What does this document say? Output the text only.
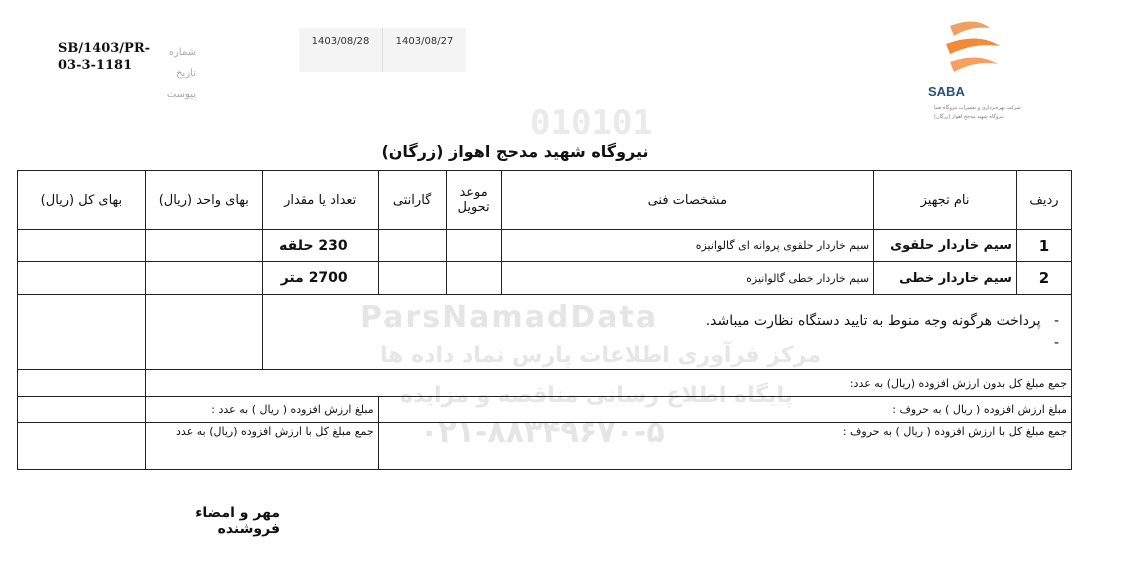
010101
ParsNamadData
مرکز فرآوری اطلاعات پارس نماد داده ها
پایگاه اطلاع رسانی مناقصه و مزایده
۰۲۱-۸۸۳۴۹۶۷۰-۵
SB/1403/PR-03-3-1181
شماره
تاریخ
پیوست
1403/08/28	1403/08/27
SABA
شرکت بهره‌برداری و تعمیرات نیروگاه صبا
نیروگاه شهید مدحج اهواز (زرگان)
نیروگاه شهید مدحج اهواز (زرگان)
بهای کل (ریال)	بهای واحد (ریال)	تعداد یا مقدار	گارانتی	موعد تحویل	مشخصات فنی	نام تجهیز	ردیف
		230 حلقه			سیم خاردار حلقوی پروانه ای گالوانیزه	سیم خاردار حلقوی	1
		2700 متر			سیم خاردار خطی گالوانیزه	سیم خاردار خطی	2

		-   پرداخت هرگونه وجه منوط به تایید دستگاه نظارت میباشد.
-					

	جمع مبلغ کل بدون ارزش افزوده (ریال) به عدد:						
	مبلغ ارزش افزوده ( ریال ) به عدد :		مبلغ ارزش افزوده ( ریال ) به حروف :				
	جمع مبلغ کل با ارزش افزوده (ریال) به عدد		جمع مبلغ کل با ارزش افزوده ( ریال ) به حروف :				
مهر و امضاء فروشنده
